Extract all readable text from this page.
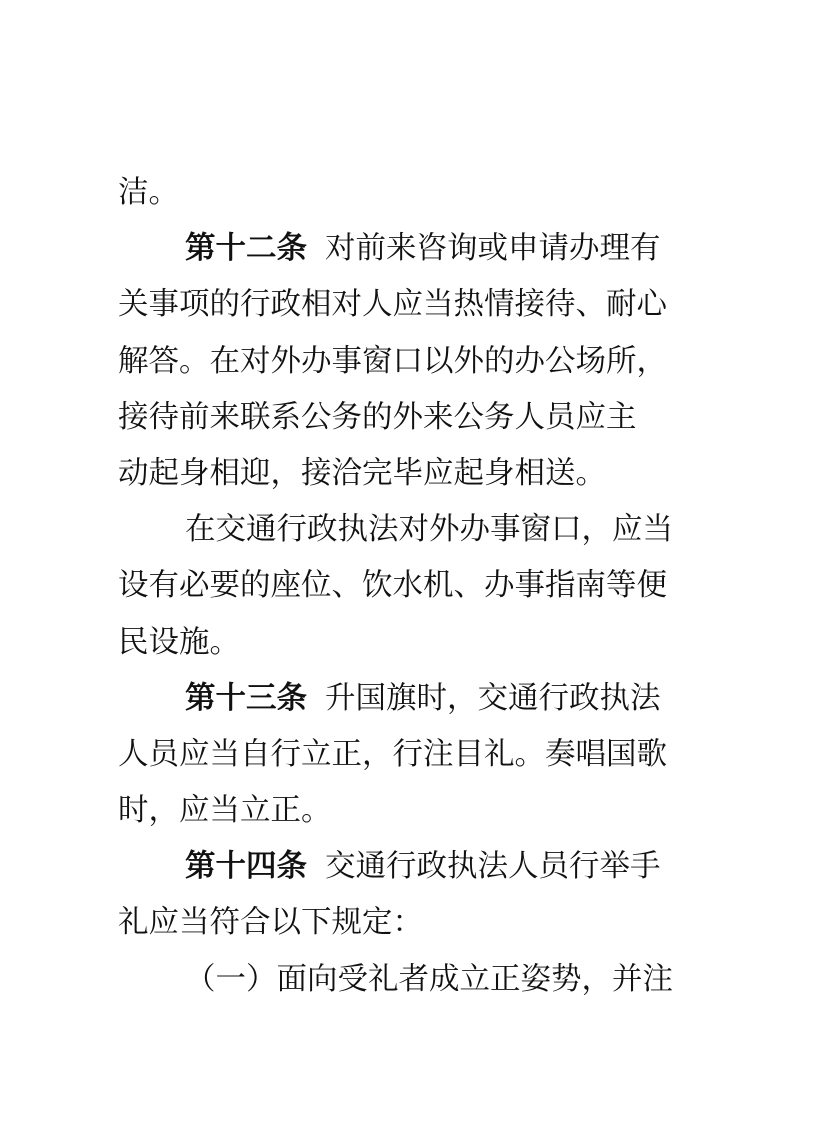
洁。
第十二条 对前来咨询或申请办理有
关事项的行政相对人应当热情接待、耐心
解答。在对外办事窗口以外的办公场所，
接待前来联系公务的外来公务人员应主
动起身相迎，接洽完毕应起身相送。
在交通行政执法对外办事窗口，应当
设有必要的座位、饮水机、办事指南等便
民设施。
第十三条 升国旗时，交通行政执法
人员应当自行立正，行注目礼。奏唱国歌
时，应当立正。
第十四条 交通行政执法人员行举手
礼应当符合以下规定：
（一）面向受礼者成立正姿势，并注
